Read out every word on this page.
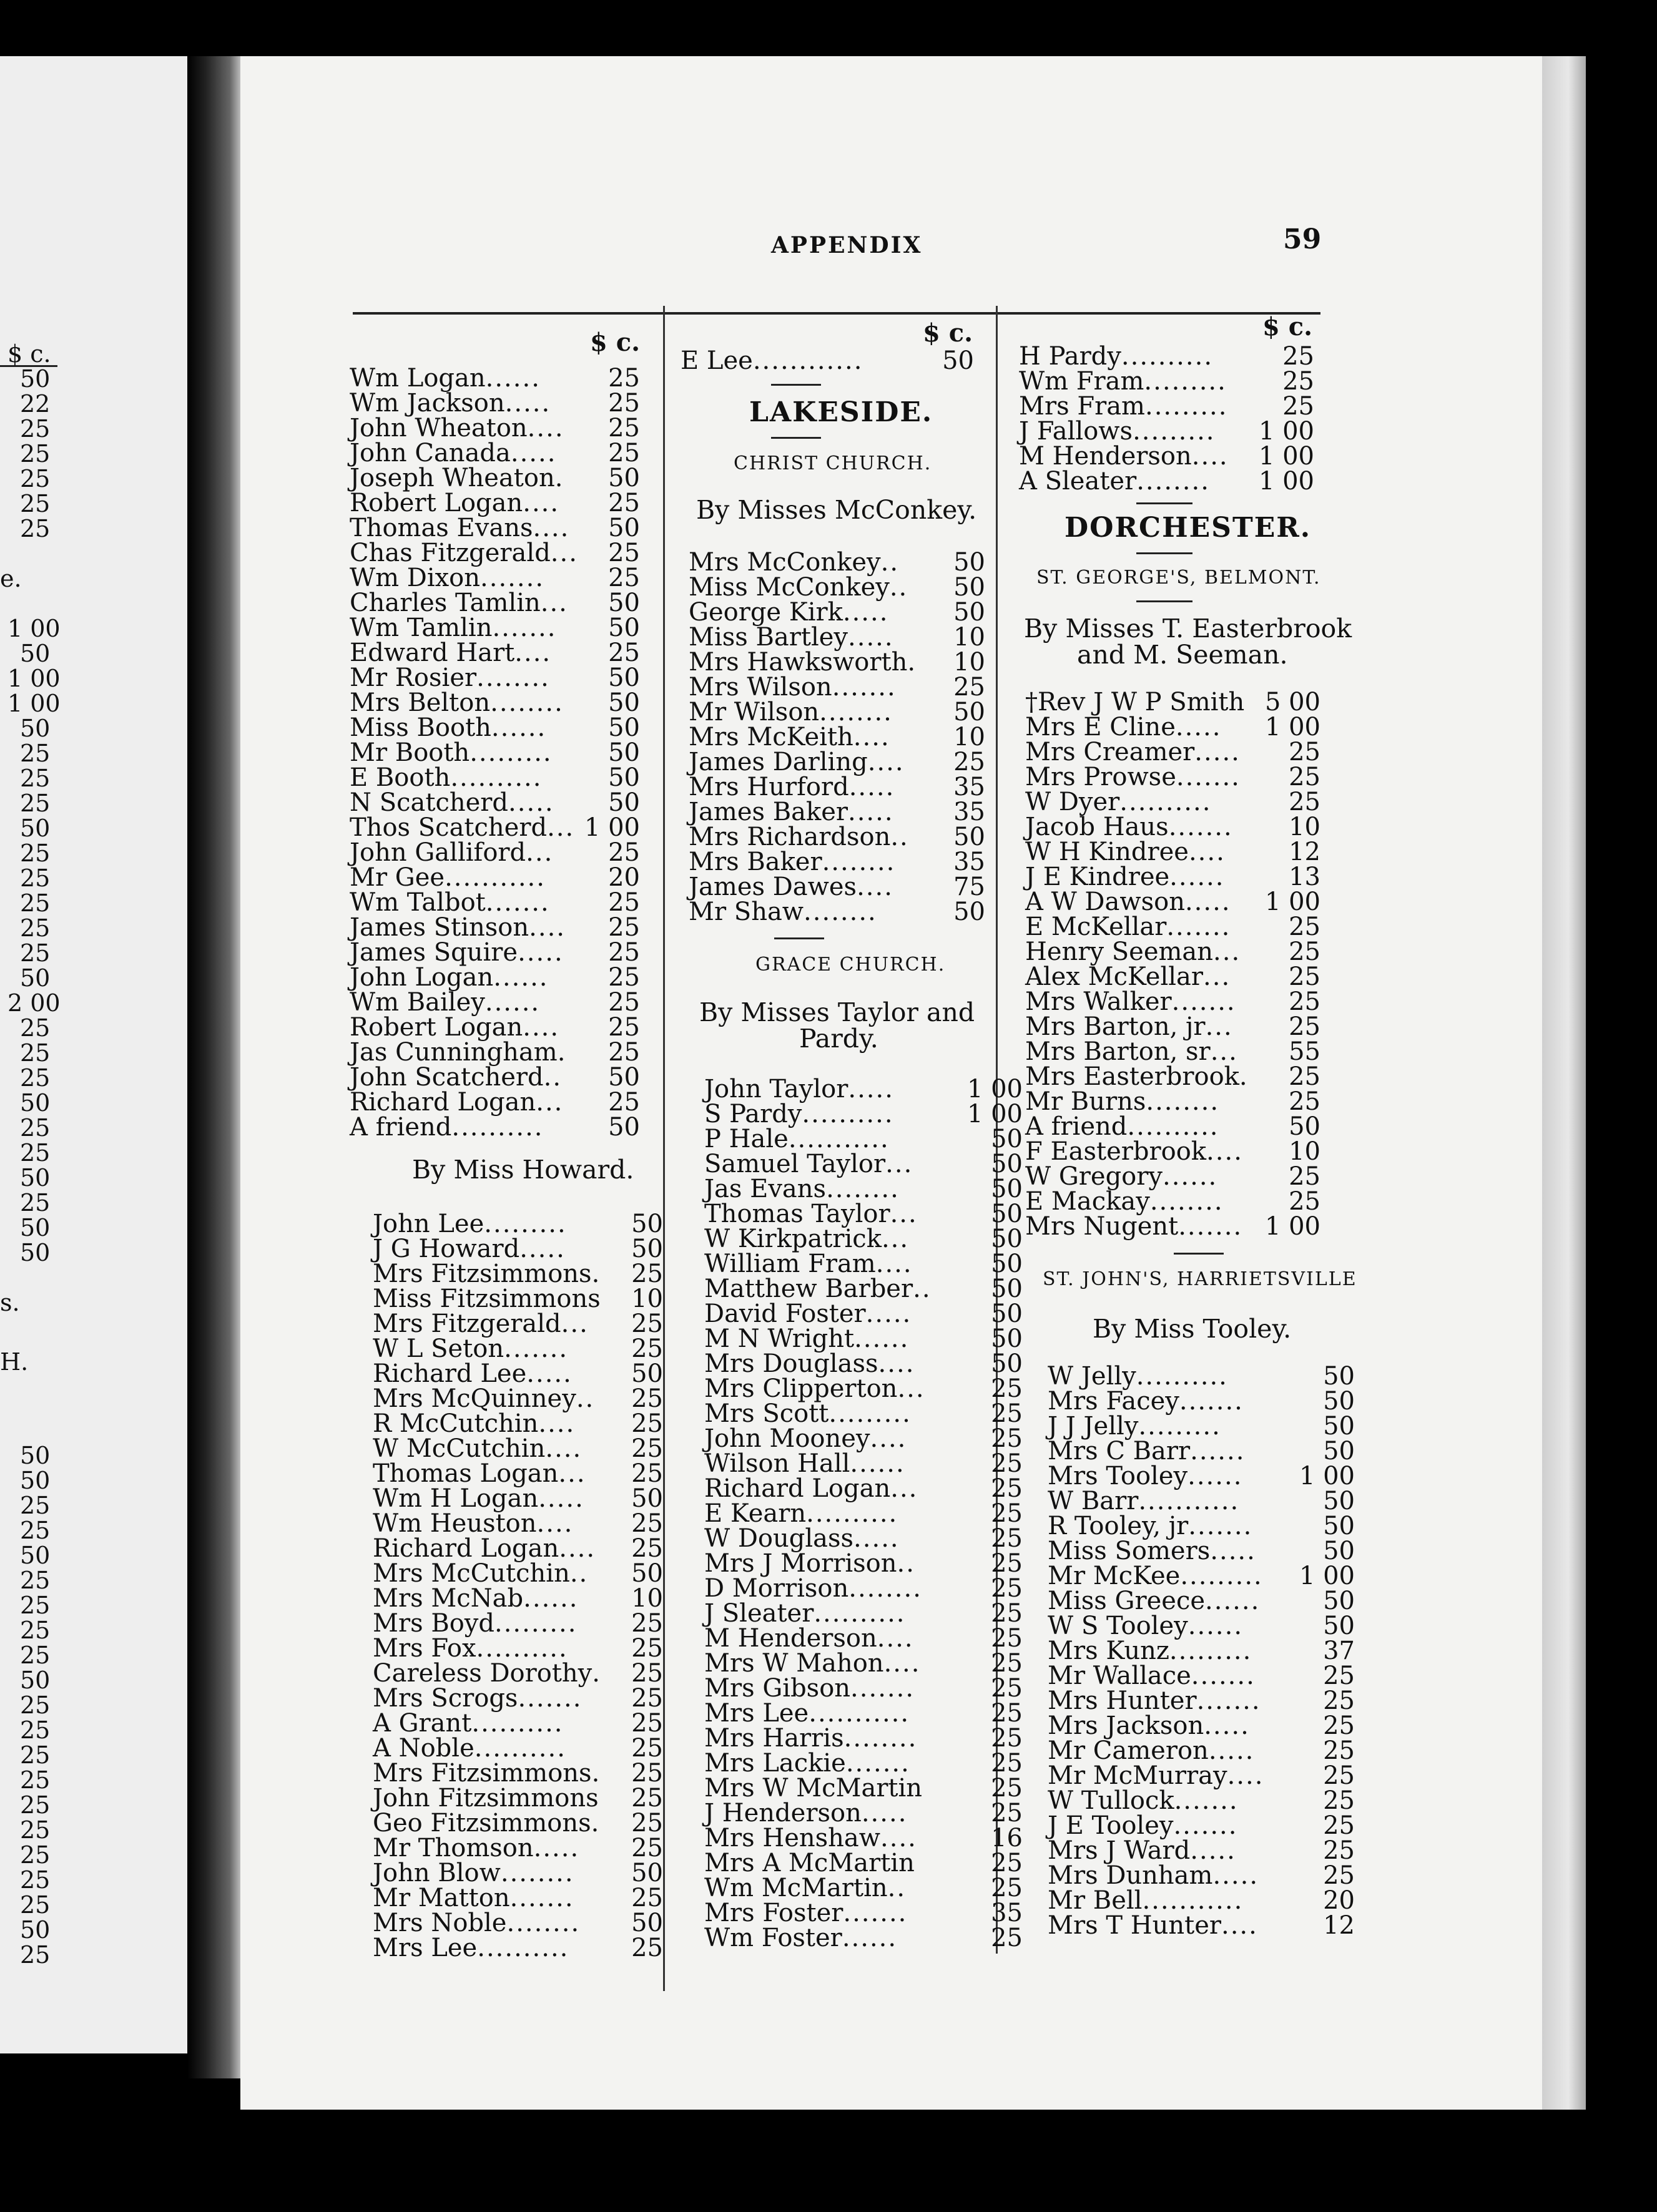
$ c.
50
22
25
25
25
25
25
e.
1 00
50
1 00
1 00
50
25
25
25
50
25
25
25
25
25
50
2 00
25
25
25
50
25
25
50
25
50
50
s.
H.
50
50
25
25
50
25
25
25
25
50
25
25
25
25
25
25
25
25
25
50
25
APPENDIX	59
$ c.
Wm Logan......	25
Wm Jackson.....	25
John Wheaton....	25
John Canada.....	25
Joseph Wheaton.	50
Robert Logan....	25
Thomas Evans....	50
Chas Fitzgerald...	25
Wm Dixon.......	25
Charles Tamlin...	50
Wm Tamlin.......	50
Edward Hart....	25
Mr Rosier........	50
Mrs Belton........	50
Miss Booth......	50
Mr Booth.........	50
E Booth..........	50
N Scatcherd.....	50
Thos Scatcherd... 1 00
John Galliford...	25
Mr Gee...........	20
Wm Talbot.......	25
James Stinson....	25
James Squire.....	25
John Logan......	25
Wm Bailey......	25
Robert Logan....	25
Jas Cunningham.	25
John Scatcherd..	50
Richard Logan...	25
A friend..........	50
By Miss Howard.
John Lee.........	50
J G Howard.....	50
Mrs Fitzsimmons.	25
Miss Fitzsimmons	10
Mrs Fitzgerald...	25
W L Seton.......	25
Richard Lee.....	50
Mrs McQuinney..	25
R McCutchin....	25
W McCutchin....	25
Thomas Logan...	25
Wm H Logan.....	50
Wm Heuston....	25
Richard Logan....	25
Mrs McCutchin..	50
Mrs McNab......	10
Mrs Boyd.........	25
Mrs Fox..........	25
Careless Dorothy.	25
Mrs Scrogs.......	25
A Grant..........	25
A Noble..........	25
Mrs Fitzsimmons.	25
John Fitzsimmons	25
Geo Fitzsimmons.	25
Mr Thomson.....	25
John Blow........	50
Mr Matton.......	25
Mrs Noble........	50
Mrs Lee..........	25
$ c.
E Lee............	50
LAKESIDE.
CHRIST CHURCH.
By Misses McConkey.
Mrs McConkey..	50
Miss McConkey..	50
George Kirk.....	50
Miss Bartley.....	10
Mrs Hawksworth.	10
Mrs Wilson.......	25
Mr Wilson........	50
Mrs McKeith....	10
James Darling....	25
Mrs Hurford.....	35
James Baker.....	35
Mrs Richardson..	50
Mrs Baker........	35
James Dawes....	75
Mr Shaw........	50
GRACE CHURCH.
By Misses Taylor and
Pardy.
John Taylor.....	1 00
S Pardy..........	1 00
P Hale...........	50
Samuel Taylor...	50
Jas Evans........	50
Thomas Taylor...	50
W Kirkpatrick...	50
William Fram....	50
Matthew Barber..	50
David Foster.....	50
M N Wright......	50
Mrs Douglass....	50
Mrs Clipperton...	25
Mrs Scott.........	25
John Mooney....	25
Wilson Hall......	25
Richard Logan...	25
E Kearn..........	25
W Douglass.....	25
Mrs J Morrison..	25
D Morrison........	25
J Sleater..........	25
M Henderson....	25
Mrs W Mahon....	25
Mrs Gibson.......	25
Mrs Lee...........	25
Mrs Harris........	25
Mrs Lackie.......	25
Mrs W McMartin	25
J Henderson.....	25
Mrs Henshaw....	16
Mrs A McMartin	25
Wm McMartin..	25
Mrs Foster.......	35
Wm Foster......	25
$ c.
H Pardy..........	25
Wm Fram.........	25
Mrs Fram.........	25
J Fallows.........	1 00
M Henderson....	1 00
A Sleater........	1 00
DORCHESTER.
ST. GEORGE'S, BELMONT.
By Misses T. Easterbrook
and M. Seeman.
†Rev J W P Smith 5 00
Mrs E Cline.....	1 00
Mrs Creamer.....	25
Mrs Prowse.......	25
W Dyer..........	25
Jacob Haus.......	10
W H Kindree....	12
J E Kindree......	13
A W Dawson.....	1 00
E McKellar.......	25
Henry Seeman...	25
Alex McKellar...	25
Mrs Walker.......	25
Mrs Barton, jr...	25
Mrs Barton, sr...	55
Mrs Easterbrook.	25
Mr Burns........	25
A friend..........	50
F Easterbrook....	10
W Gregory......	25
E Mackay........	25
Mrs Nugent....... 1 00
ST. JOHN'S, HARRIETSVILLE
By Miss Tooley.
W Jelly..........	50
Mrs Facey.......	50
J J Jelly.........	50
Mrs C Barr......	50
Mrs Tooley......	1 00
W Barr...........	50
R Tooley, jr.......	50
Miss Somers.....	50
Mr McKee.........	1 00
Miss Greece......	50
W S Tooley......	50
Mrs Kunz.........	37
Mr Wallace.......	25
Mrs Hunter.......	25
Mrs Jackson.....	25
Mr Cameron.....	25
Mr McMurray....	25
W Tullock.......	25
J E Tooley.......	25
Mrs J Ward.....	25
Mrs Dunham.....	25
Mr Bell...........	20
Mrs T Hunter....	12
